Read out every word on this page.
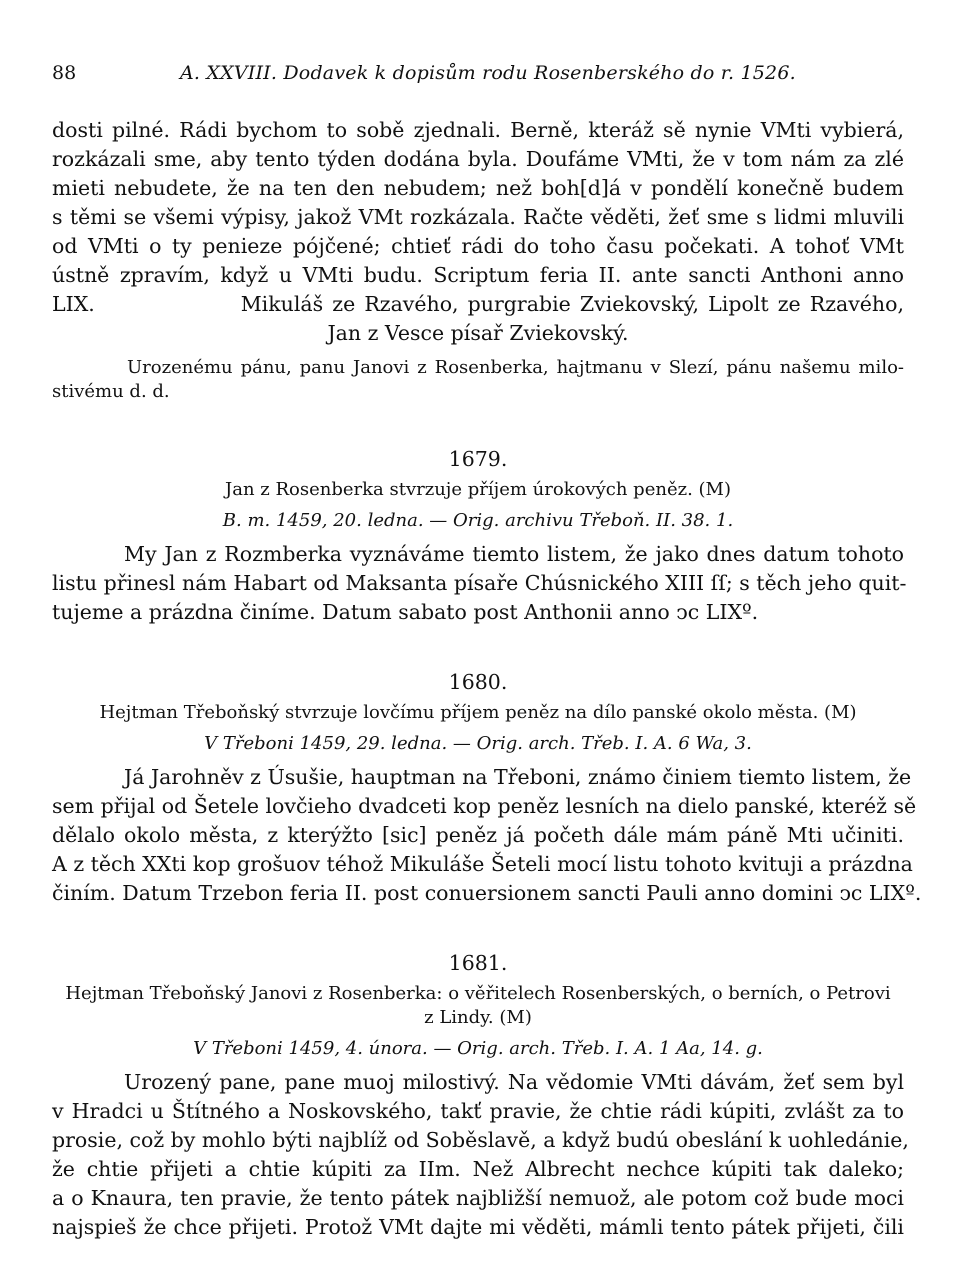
88	A. XXVIII. Dodavek k dopisům rodu Rosenberského do r. 1526.
dosti pilné. Rádi bychom to sobě zjednali. Berně, kteráž sě nynie VMti vybierá,
rozkázali sme, aby tento týden dodána byla. Doufáme VMti, že v tom nám za zlé
mieti nebudete, že na ten den nebudem; než boh[d]á v pondělí konečně budem
s těmi se všemi výpisy, jakož VMt rozkázala. Račte věděti, žeť sme s lidmi mluvili
od VMti o ty penieze pójčené; chtieť rádi do toho času počekati. A tohoť VMt
ústně zpravím, když u VMti budu. Scriptum feria II. ante sancti Anthoni anno
LIX.                Mikuláš ze Rzavého, purgrabie Zviekovský, Lipolt ze Rzavého,
Jan z Vesce písař Zviekovský.
Urozenému pánu, panu Janovi z Rosenberka, hajtmanu v Slezí, pánu našemu milo-
stivému d. d.
1679.
Jan z Rosenberka stvrzuje příjem úrokových peněz. (M)
B. m. 1459, 20. ledna. — Orig. archivu Třeboň. II. 38. 1.
My Jan z Rozmberka vyznáváme tiemto listem, že jako dnes datum tohoto
listu přinesl nám Habart od Maksanta písaře Chúsnického XIII ſſ; s těch jeho quit-
tujeme a prázdna činíme. Datum sabato post Anthonii anno ↄc LIXº.
1680.
Hejtman Třeboňský stvrzuje lovčímu příjem peněz na dílo panské okolo města. (M)
V Třeboni 1459, 29. ledna. — Orig. arch. Třeb. I. A. 6 Wa, 3.
Já Jarohněv z Úsušie, hauptman na Třeboni, známo činiem tiemto listem, že
sem přijal od Šetele lovčieho dvadceti kop peněz lesních na dielo panské, kteréž sě
dělalo okolo města, z kterýžto [sic] peněz já početh dále mám páně Mti učiniti.
A z těch XXti kop grošuov téhož Mikuláše Šeteli mocí listu tohoto kvituji a prázdna
činím. Datum Trzebon feria II. post conuersionem sancti Pauli anno domini ↄc LIXº.
1681.
Hejtman Třeboňský Janovi z Rosenberka: o věřitelech Rosenberských, o berních, o Petrovi
z Lindy. (M)
V Třeboni 1459, 4. února. — Orig. arch. Třeb. I. A. 1 Aa, 14. g.
Urozený pane, pane muoj milostivý. Na vědomie VMti dávám, žeť sem byl
v Hradci u Štítného a Noskovského, takť pravie, že chtie rádi kúpiti, zvlášt za to
prosie, což by mohlo býti najblíž od Soběslavě, a když budú obeslání k uohledánie,
že chtie přijeti a chtie kúpiti za IIm. Než Albrecht nechce kúpiti tak daleko;
a o Knaura, ten pravie, že tento pátek najbližší nemuož, ale potom což bude moci
najspieš že chce přijeti. Protož VMt dajte mi věděti, mámli tento pátek přijeti, čili
